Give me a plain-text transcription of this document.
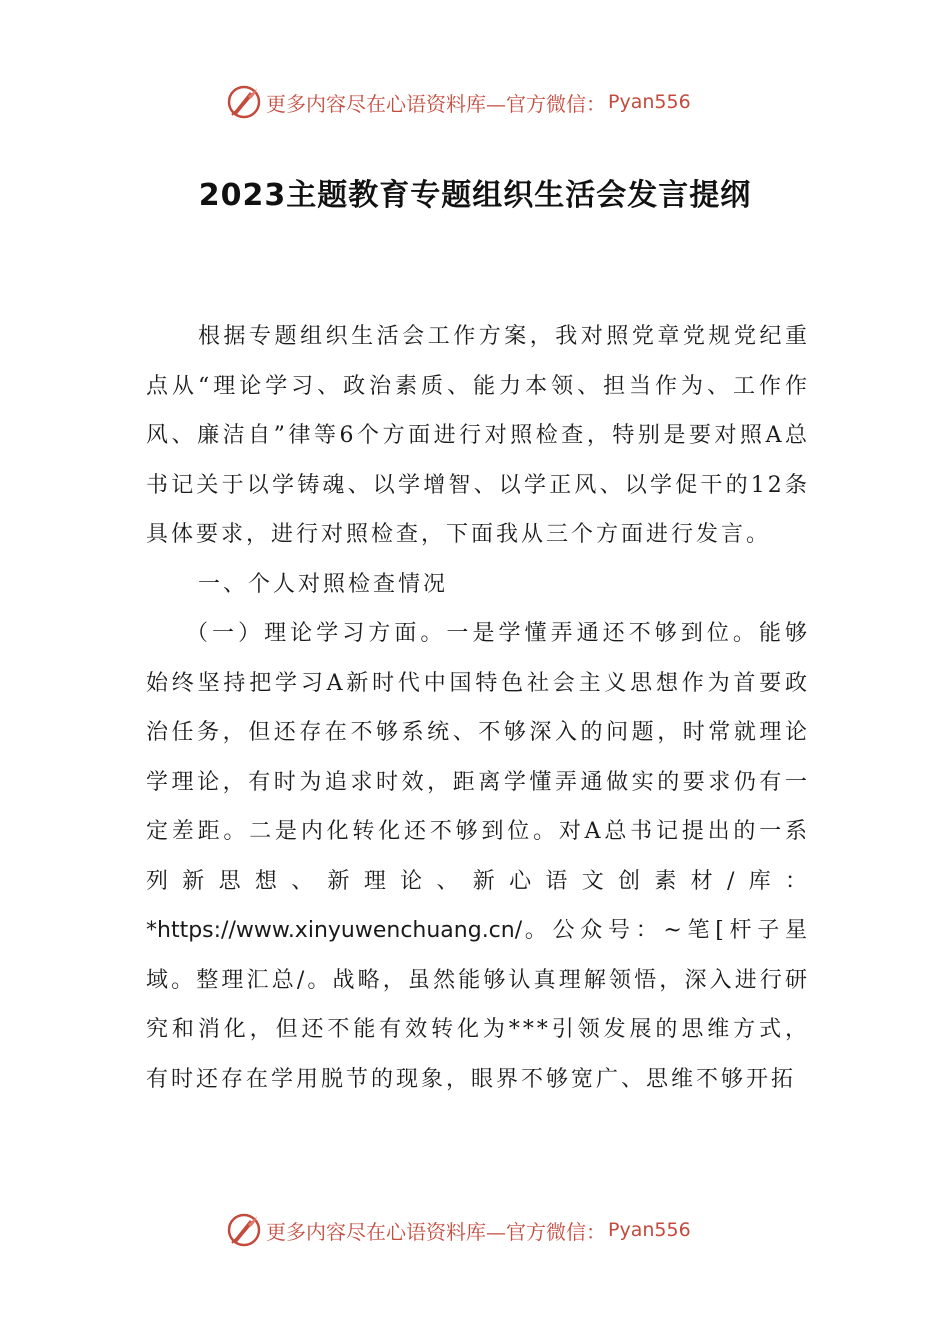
更多内容尽在心语资料库—官方微信： Pyan556
2023主题教育专题组织生活会发言提纲

根据专题组织生活会工作方案，我对照党章党规党纪重点从“理论学习、政治素质、能力本领、担当作为、工作作风、廉洁自”律等6个方面进行对照检查，特别是要对照A总书记关于以学铸魂、以学增智、以学正风、以学促干的12条具体要求，进行对照检查，下面我从三个方面进行发言。

一、个人对照检查情况

（一）理论学习方面。一是学懂弄通还不够到位。能够始终坚持把学习A新时代中国特色社会主义思想作为首要政治任务，但还存在不够系统、不够深入的问题，时常就理论学理论，有时为追求时效，距离学懂弄通做实的要求仍有一定差距。二是内化转化还不够到位。对A总书记提出的一系列新思想、新理论、新心语文创素材/库：*https://www.xinyuwenchuang.cn/。公众号：~笔[杆子星域。整理汇总/。战略，虽然能够认真理解领悟，深入进行研究和消化，但还不能有效转化为***引领发展的思维方式，有时还存在学用脱节的现象，眼界不够宽广、思维不够开拓

更多内容尽在心语资料库—官方微信： Pyan556
